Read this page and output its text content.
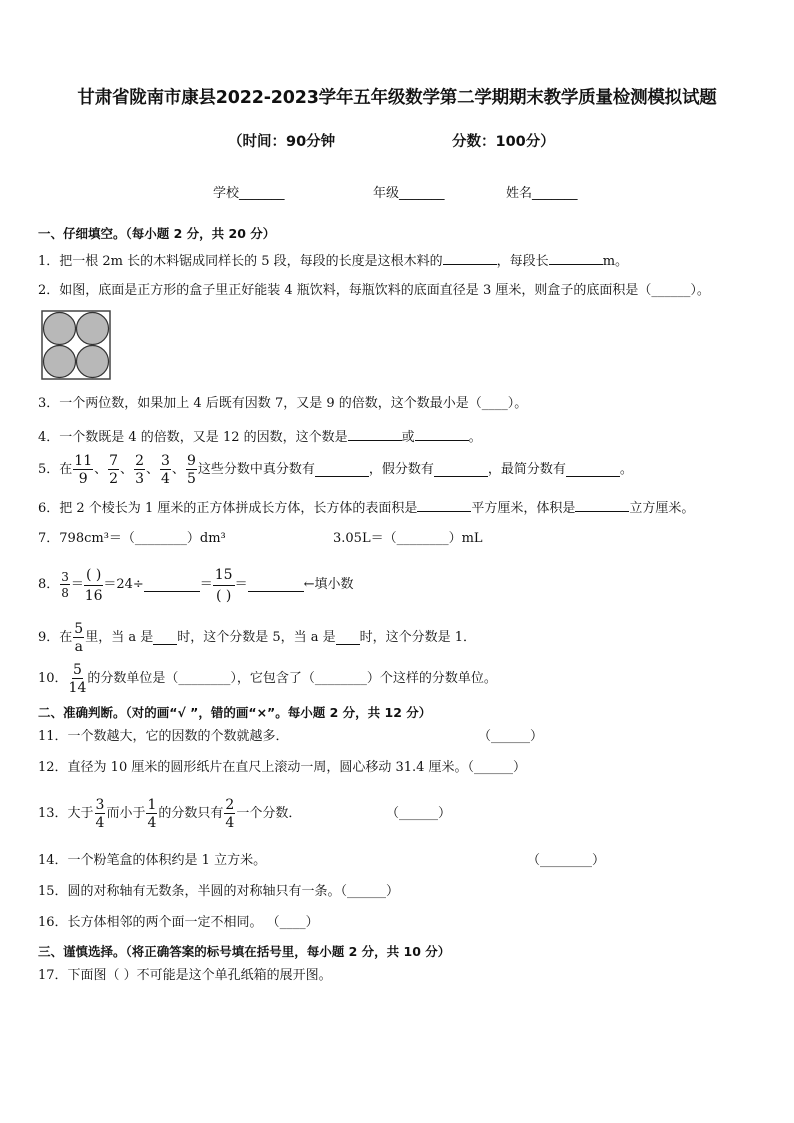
甘肃省陇南市康县2022-2023学年五年级数学第二学期期末教学质量检测模拟试题
（时间：90分钟	分数：100分）
学校_______	年级_______	姓名_______
一、仔细填空。（每小题 2 分，共 20 分）
1．把一根 2m 长的木料锯成同样长的 5 段，每段的长度是这根木料的	，每段长	m。
2．如图，底面是正方形的盒子里正好能装 4 瓶饮料，每瓶饮料的底面直径是 3 厘米，则盒子的底面积是（______）。
3．一个两位数，如果加上 4 后既有因数 7，又是 9 的倍数，这个数最小是（____）。
4．一个数既是 4 的倍数，又是 12 的因数，这个数是	或	。
5．在 $\frac{11}{9}$ 、 $\frac{7}{2}$ 、 $\frac{2}{3}$ 、 $\frac{3}{4}$ 、 $\frac{9}{5}$ 这些分数中真分数有	，假分数有	，最简分数有	。
6．把 2 个棱长为 1 厘米的正方体拼成长方体，长方体的表面积是	平方厘米，体积是	立方厘米。
7．798cm³＝（________）dm³	3.05L＝（________）mL
8． $\frac{3}{8}$ ＝
( )
16
＝24÷	＝
15
( )
＝	←填小数
9．在 $\frac{5}{a}$ 里，当 a 是 时，这个分数是 5，当 a 是 时，这个分数是 1．
10． $\frac{5}{14}$ 的分数单位是（________），它包含了（________）个这样的分数单位。
二、准确判断。（对的画“√ ”，错的画“×”。每小题 2 分，共 12 分）
11．一个数越大，它的因数的个数就越多．	（______）
12．直径为 10 厘米的圆形纸片在直尺上滚动一周，圆心移动 31.4 厘米。（______）
13．大于 $\frac{3}{4}$ 而小于 $\frac{1}{4}$ 的分数只有 $\frac{2}{4}$ 一个分数．	（______）
14．一个粉笔盒的体积约是 1 立方米。	（________）
15．圆的对称轴有无数条，半圆的对称轴只有一条。（______）
16．长方体相邻的两个面一定不相同。 （____）
三、谨慎选择。（将正确答案的标号填在括号里，每小题 2 分，共 10 分）
17．下面图（ ）不可能是这个单孔纸箱的展开图。
